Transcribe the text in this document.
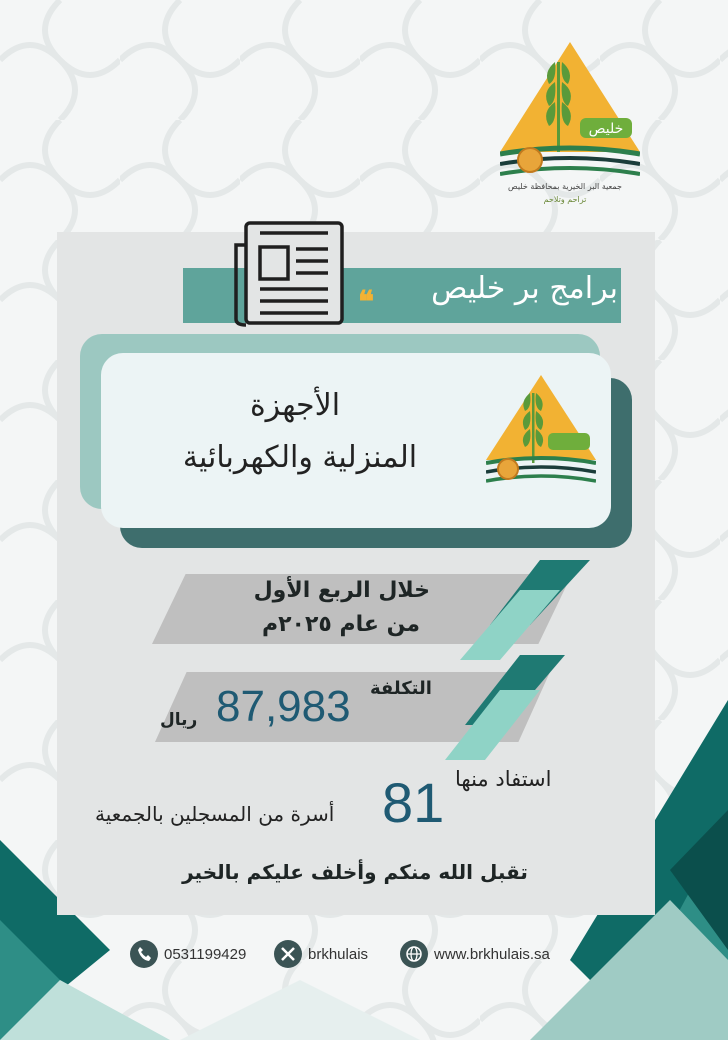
خليص
جمعية البر الخيرية بمحافظة خليص
تراحم وتلاحم
برامج بر خليص
❝
الأجهزة
المنزلية والكهربائية
خلال الربع الأول
من عام ٢٠٢٥م
التكلفة
87,983
ريال
استفاد منها
81
أسرة من المسجلين بالجمعية
تقبل الله منكم وأخلف عليكم بالخير
0531199429	brkhulais	www.brkhulais.sa
